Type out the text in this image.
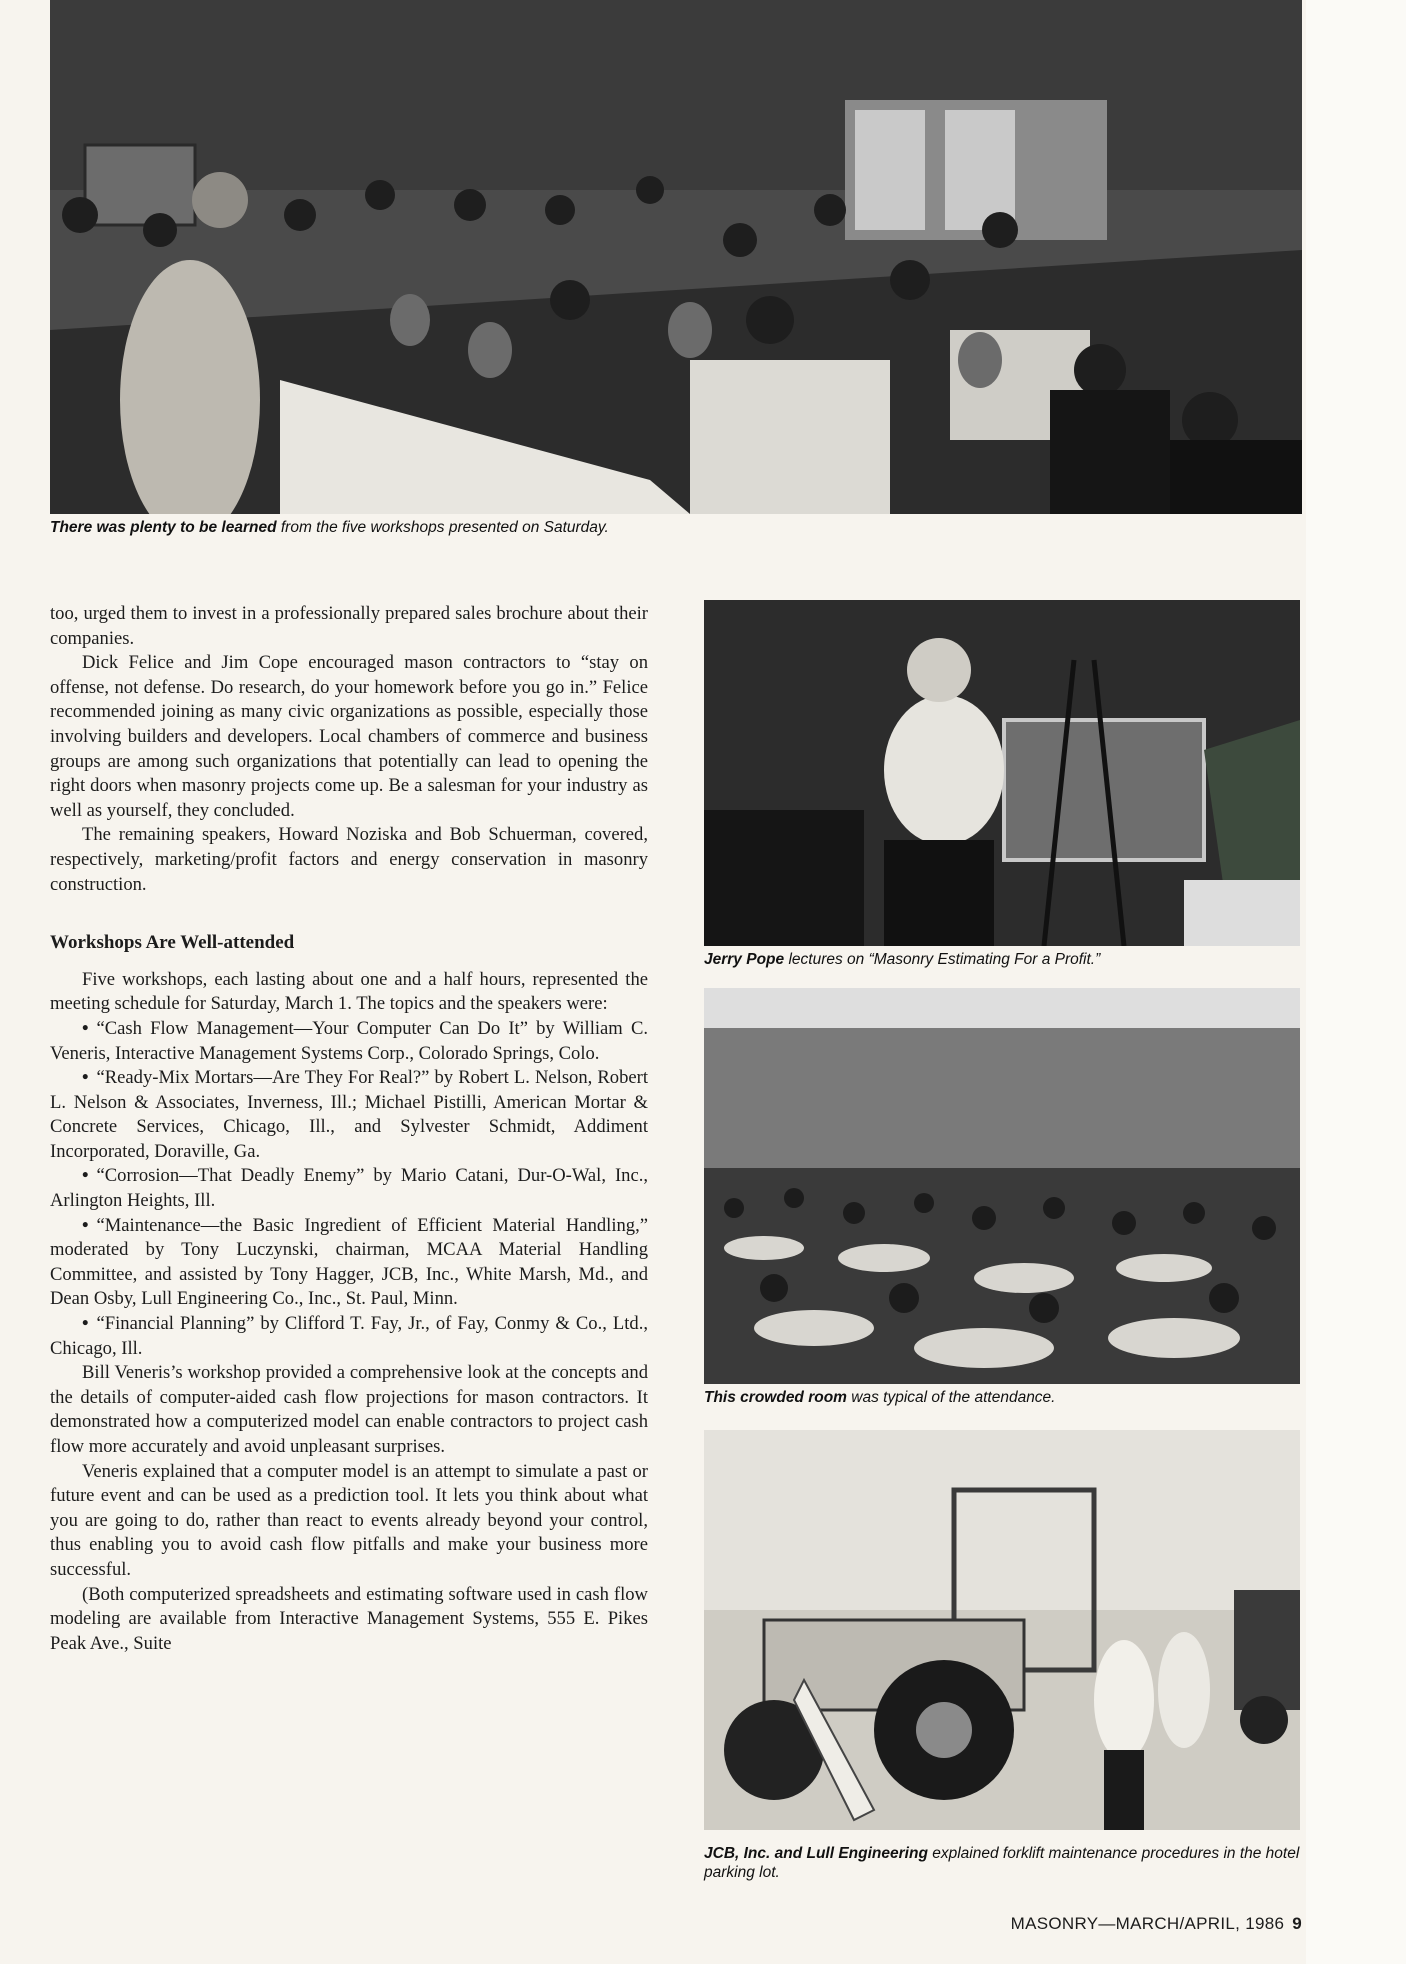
There was plenty to be learned from the five workshops presented on Saturday.
Jerry Pope lectures on “Masonry Estimating For a Profit.”
This crowded room was typical of the attendance.
JCB, Inc. and Lull Engineering explained forklift maintenance procedures in the hotel parking lot.

too, urged them to invest in a professionally prepared sales brochure about their companies.

Dick Felice and Jim Cope encouraged mason contractors to “stay on offense, not defense. Do research, do your homework before you go in.” Felice recommended joining as many civic organizations as possible, especially those involving builders and developers. Local chambers of commerce and business groups are among such organizations that potentially can lead to opening the right doors when masonry projects come up. Be a salesman for your industry as well as yourself, they concluded.

The remaining speakers, Howard Noziska and Bob Schuerman, covered, respectively, marketing/profit factors and energy conservation in masonry construction.

Workshops Are Well-attended

Five workshops, each lasting about one and a half hours, represented the meeting schedule for Saturday, March 1. The topics and the speakers were:

• “Cash Flow Management—Your Computer Can Do It” by William C. Veneris, Interactive Management Systems Corp., Colorado Springs, Colo.
• “Ready-Mix Mortars—Are They For Real?” by Robert L. Nelson, Robert L. Nelson & Associates, Inverness, Ill.; Michael Pistilli, American Mortar & Concrete Services, Chicago, Ill., and Sylvester Schmidt, Addiment Incorporated, Doraville, Ga.
• “Corrosion—That Deadly Enemy” by Mario Catani, Dur-O-Wal, Inc., Arlington Heights, Ill.
• “Maintenance—the Basic Ingredient of Efficient Material Handling,” moderated by Tony Luczynski, chairman, MCAA Material Handling Committee, and assisted by Tony Hagger, JCB, Inc., White Marsh, Md., and Dean Osby, Lull Engineering Co., Inc., St. Paul, Minn.
• “Financial Planning” by Clifford T. Fay, Jr., of Fay, Conmy & Co., Ltd., Chicago, Ill.

Bill Veneris’s workshop provided a comprehensive look at the concepts and the details of computer-aided cash flow projections for mason contractors. It demonstrated how a computerized model can enable contractors to project cash flow more accurately and avoid unpleasant surprises.

Veneris explained that a computer model is an attempt to simulate a past or future event and can be used as a prediction tool. It lets you think about what you are going to do, rather than react to events already beyond your control, thus enabling you to avoid cash flow pitfalls and make your business more successful.

(Both computerized spreadsheets and estimating software used in cash flow modeling are available from Interactive Management Systems, 555 E. Pikes Peak Ave., Suite

MASONRY—MARCH/APRIL, 1986 9
